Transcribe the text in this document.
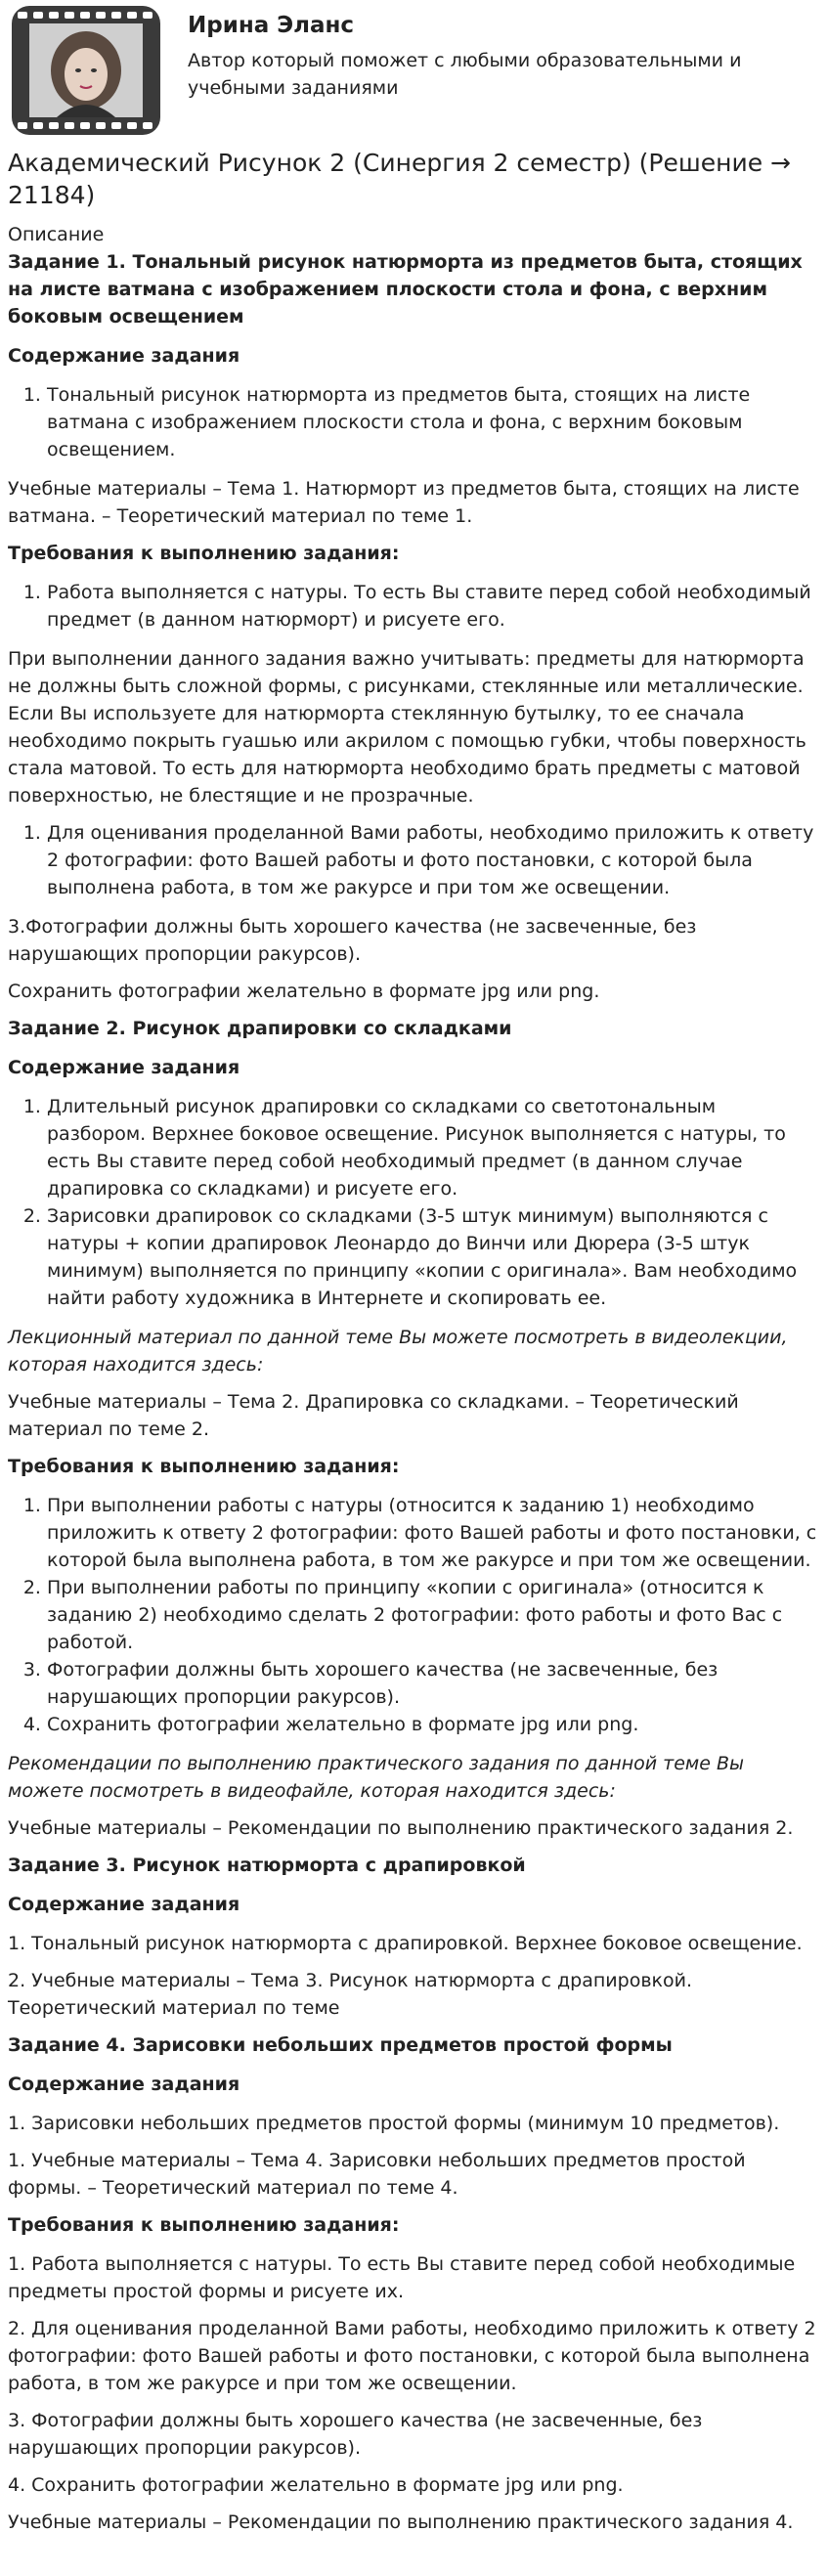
Ирина Эланс
Автор который поможет с любыми образовательными и учебными заданиями
Академический Рисунок 2 (Синергия 2 семестр) (Решение → 21184)
Описание
Задание 1. Тональный рисунок натюрморта из предметов быта, стоящих на листе ватмана с изображением плоскости стола и фона, с верхним боковым освещением
Содержание задания
1. Тональный рисунок натюрморта из предметов быта, стоящих на листе ватмана с изображением плоскости стола и фона, с верхним боковым освещением.

Учебные материалы – Тема 1. Натюрморт из предметов быта, стоящих на листе ватмана. – Теоретический материал по теме 1.

Требования к выполнению задания:
1. Работа выполняется с натуры. То есть Вы ставите перед собой необходимый предмет (в данном натюрморт) и рисуете его.

При выполнении данного задания важно учитывать: предметы для натюрморта не должны быть сложной формы, с рисунками, стеклянные или металлические. Если Вы используете для натюрморта стеклянную бутылку, то ее сначала необходимо покрыть гуашью или акрилом с помощью губки, чтобы поверхность стала матовой. То есть для натюрморта необходимо брать предметы с матовой поверхностью, не блестящие и не прозрачные.

1. Для оценивания проделанной Вами работы, необходимо приложить к ответу 2 фотографии: фото Вашей работы и фото постановки, с которой была выполнена работа, в том же ракурсе и при том же освещении.

3.Фотографии должны быть хорошего качества (не засвеченные, без нарушающих пропорции ракурсов).

Сохранить фотографии желательно в формате jpg или png.

Задание 2. Рисунок драпировки со складками
Содержание задания
1. Длительный рисунок драпировки со складками со светотональным разбором. Верхнее боковое освещение. Рисунок выполняется с натуры, то есть Вы ставите перед собой необходимый предмет (в данном случае драпировка со складками) и рисуете его.
2. Зарисовки драпировок со складками (3-5 штук минимум) выполняются с натуры + копии драпировок Леонардо до Винчи или Дюрера (3-5 штук минимум) выполняется по принципу «копии с оригинала». Вам необходимо найти работу художника в Интернете и скопировать ее.

Лекционный материал по данной теме Вы можете посмотреть в видеолекции, которая находится здесь:

Учебные материалы – Тема 2. Драпировка со складками. – Теоретический материал по теме 2.

Требования к выполнению задания:
1. При выполнении работы с натуры (относится к заданию 1) необходимо приложить к ответу 2 фотографии: фото Вашей работы и фото постановки, с которой была выполнена работа, в том же ракурсе и при том же освещении.
2. При выполнении работы по принципу «копии с оригинала» (относится к заданию 2) необходимо сделать 2 фотографии: фото работы и фото Вас с работой.
3. Фотографии должны быть хорошего качества (не засвеченные, без нарушающих пропорции ракурсов).
4. Сохранить фотографии желательно в формате jpg или png.

Рекомендации по выполнению практического задания по данной теме Вы можете посмотреть в видеофайле, которая находится здесь:

Учебные материалы – Рекомендации по выполнению практического задания 2.

Задание 3. Рисунок натюрморта с драпировкой
Содержание задания

1. Тональный рисунок натюрморта с драпировкой. Верхнее боковое освещение.

2. Учебные материалы – Тема 3. Рисунок натюрморта с драпировкой. Теоретический материал по теме

Задание 4. Зарисовки небольших предметов простой формы
Содержание задания

1. Зарисовки небольших предметов простой формы (минимум 10 предметов).

1. Учебные материалы – Тема 4. Зарисовки небольших предметов простой формы. – Теоретический материал по теме 4.

Требования к выполнению задания:

1. Работа выполняется с натуры. То есть Вы ставите перед собой необходимые предметы простой формы и рисуете их.

2. Для оценивания проделанной Вами работы, необходимо приложить к ответу 2 фотографии: фото Вашей работы и фото постановки, с которой была выполнена работа, в том же ракурсе и при том же освещении.

3. Фотографии должны быть хорошего качества (не засвеченные, без нарушающих пропорции ракурсов).

4. Сохранить фотографии желательно в формате jpg или png.

Учебные материалы – Рекомендации по выполнению практического задания 4.
